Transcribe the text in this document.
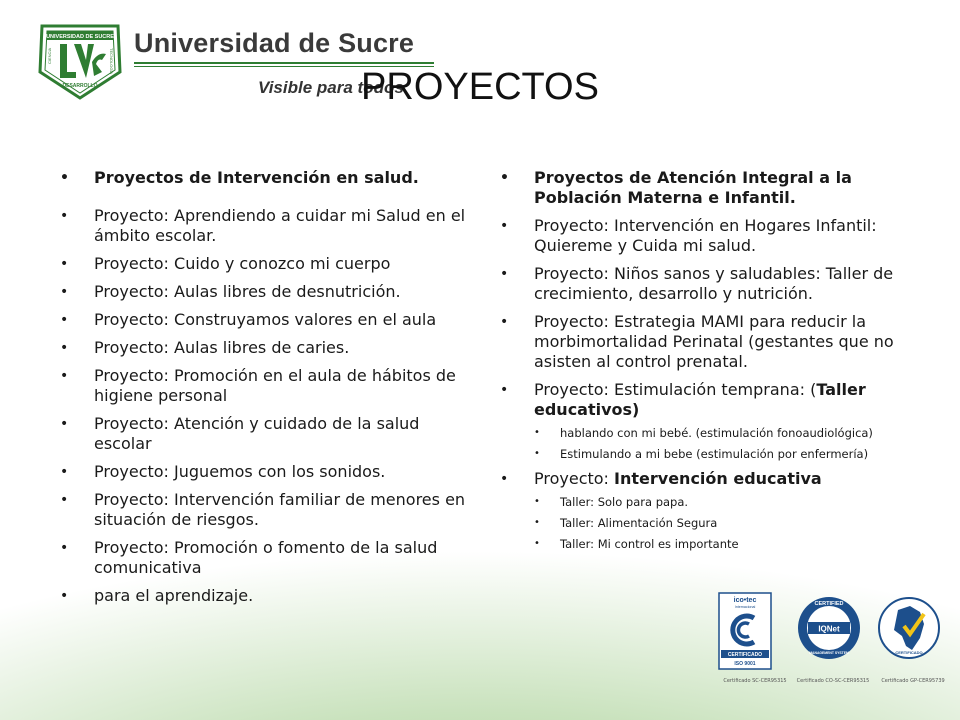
UNIVERSIDAD DE SUCRE
CIENCIA	TECNOLOGÍA
DESARROLLO
Universidad de Sucre
Visible para todos
PROYECTOS
• Proyectos de Intervención en salud.
• Proyecto: Aprendiendo a cuidar mi Salud en el ámbito escolar.
• Proyecto: Cuido y conozco mi cuerpo
• Proyecto: Aulas libres de desnutrición.
• Proyecto: Construyamos valores en el aula
• Proyecto: Aulas libres de caries.
• Proyecto: Promoción en el aula de hábitos de higiene personal
• Proyecto: Atención y cuidado de la salud escolar
• Proyecto: Juguemos con los sonidos.
• Proyecto: Intervención familiar de menores en situación de riesgos.
• Proyecto: Promoción o fomento de la salud comunicativa
• para el aprendizaje.
• Proyectos de Atención Integral a la Población Materna e Infantil.
• Proyecto: Intervención en Hogares Infantil: Quiereme y Cuida mi salud.
• Proyecto: Niños sanos y saludables: Taller de crecimiento, desarrollo y nutrición.
• Proyecto: Estrategia MAMI para reducir la morbimortalidad Perinatal (gestantes que no asisten al control prenatal.
• Proyecto: Estimulación temprana: (Taller educativos)
• hablando con mi bebé. (estimulación fonoaudiológica)
• Estimulando a mi bebe (estimulación por enfermería)
• Proyecto: Intervención educativa
• Taller: Solo para papa.
• Taller: Alimentación Segura
• Taller: Mi control es importante
ico•tec
Internacional
CERTIFICADO
ISO 9001
Certificado SC-CER95315
CERTIFIED
IQNet
MANAGEMENT SYSTEM
Certificado CO-SC-CER95315
CERTIFICADO
Certificado GP-CER95739
